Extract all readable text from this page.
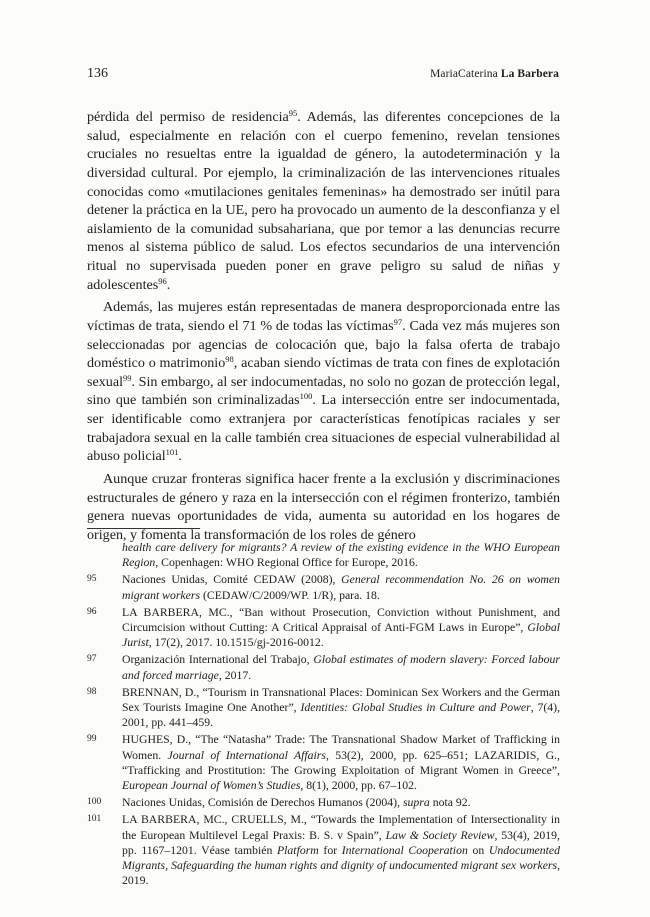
136	MariaCaterina La Barbera

pérdida del permiso de residencia$^{95}$. Además, las diferentes concepciones de la salud, especialmente en relación con el cuerpo femenino, revelan tensiones cruciales no resueltas entre la igualdad de género, la autodeterminación y la diversidad cultural. Por ejemplo, la criminalización de las intervenciones rituales conocidas como «mutilaciones genitales femeninas» ha demostrado ser inútil para detener la práctica en la UE, pero ha provocado un aumento de la desconfianza y el aislamiento de la comunidad subsahariana, que por temor a las denuncias recurre menos al sistema público de salud. Los efectos secundarios de una intervención ritual no supervisada pueden poner en grave peligro su salud de niñas y adolescentes$^{96}$.

Además, las mujeres están representadas de manera desproporcionada entre las víctimas de trata, siendo el 71 % de todas las víctimas$^{97}$. Cada vez más mujeres son seleccionadas por agencias de colocación que, bajo la falsa oferta de trabajo doméstico o matrimonio$^{98}$, acaban siendo víctimas de trata con fines de explotación sexual$^{99}$. Sin embargo, al ser indocumentadas, no solo no gozan de protección legal, sino que también son criminalizadas$^{100}$. La intersección entre ser indocumentada, ser identificable como extranjera por características fenotípicas raciales y ser trabajadora sexual en la calle también crea situaciones de especial vulnerabilidad al abuso policial$^{101}$.

Aunque cruzar fronteras significa hacer frente a la exclusión y discriminaciones estructurales de género y raza en la intersección con el régimen fronterizo, también genera nuevas oportunidades de vida, aumenta su autoridad en los hogares de origen, y fomenta la transformación de los roles de género

health care delivery for migrants? A review of the existing evidence in the WHO European Region, Copenhagen: WHO Regional Office for Europe, 2016.
95	Naciones Unidas, Comité CEDAW (2008), General recommendation No. 26 on women migrant workers (CEDAW/C/2009/WP. 1/R), para. 18.
96	LA BARBERA, MC., “Ban without Prosecution, Conviction without Punishment, and Circumcision without Cutting: A Critical Appraisal of Anti-FGM Laws in Europe”, Global Jurist, 17(2), 2017. 10.1515/gj-2016-0012.
97	Organización International del Trabajo, Global estimates of modern slavery: Forced labour and forced marriage, 2017.
98	BRENNAN, D., “Tourism in Transnational Places: Dominican Sex Workers and the German Sex Tourists Imagine One Another”, Identities: Global Studies in Culture and Power, 7(4), 2001, pp. 441–459.
99	HUGHES, D., “The “Natasha” Trade: The Transnational Shadow Market of Trafficking in Women. Journal of International Affairs, 53(2), 2000, pp. 625–651; LAZARIDIS, G., “Trafficking and Prostitution: The Growing Exploitation of Migrant Women in Greece”, European Journal of Women’s Studies, 8(1), 2000, pp. 67–102.
100	Naciones Unidas, Comisión de Derechos Humanos (2004), supra nota 92.
101	LA BARBERA, MC., CRUELLS, M., “Towards the Implementation of Intersectionality in the European Multilevel Legal Praxis: B. S. v Spain”, Law & Society Review, 53(4), 2019, pp. 1167–1201. Véase también Platform for International Cooperation on Undocumented Migrants, Safeguarding the human rights and dignity of undocumented migrant sex workers, 2019.
